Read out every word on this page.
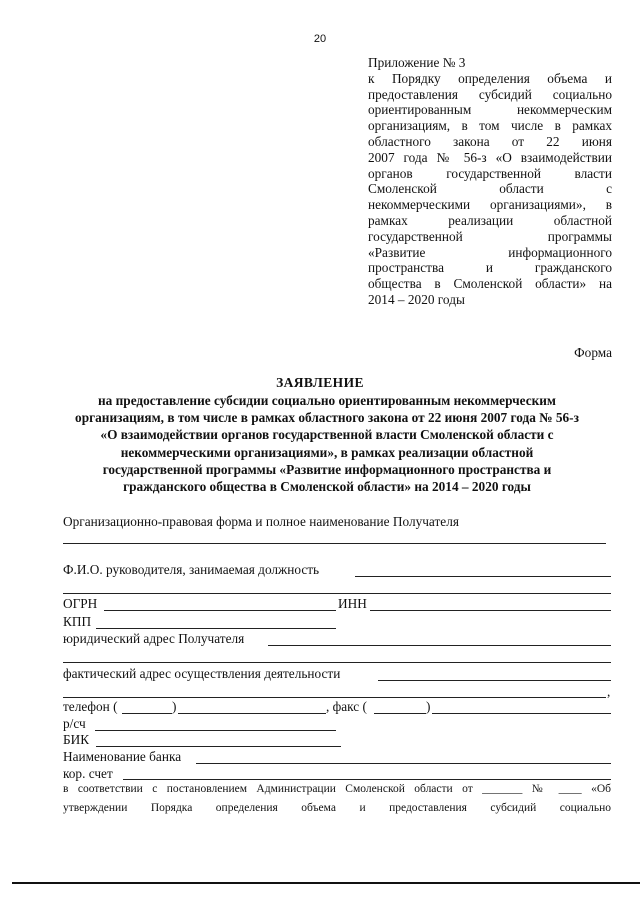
20
Приложение № 3
к Порядку определения объема и
предоставления субсидий социально
ориентированным некоммерческим
организациям, в том числе в рамках
областного закона от 22 июня
2007 года № 56-з «О взаимодействии
органов государственной власти
Смоленской области с
некоммерческими организациями», в
рамках реализации областной
государственной программы
«Развитие информационного
пространства и гражданского
общества в Смоленской области» на
2014 – 2020 годы
Форма
ЗАЯВЛЕНИЕ
на предоставление субсидии социально ориентированным некоммерческим организациям, в том числе в рамках областного закона от 22 июня 2007 года № 56-з «О взаимодействии органов государственной власти Смоленской области с некоммерческими организациями», в рамках реализации областной государственной программы «Развитие информационного пространства и гражданского общества в Смоленской области» на 2014 – 2020 годы
Организационно-правовая форма и полное наименование Получателя
Ф.И.О. руководителя, занимаемая должность
ОГРН	ИНН
КПП
юридический адрес Получателя
фактический адрес осуществления деятельности
,
телефон (	)	, факс (	)
р/сч
БИК
Наименование банка
кор. счет
в соответствии с постановлением Администрации Смоленской области от _______ № ____ «Об
утверждении Порядка определения объема и предоставления субсидий социально
